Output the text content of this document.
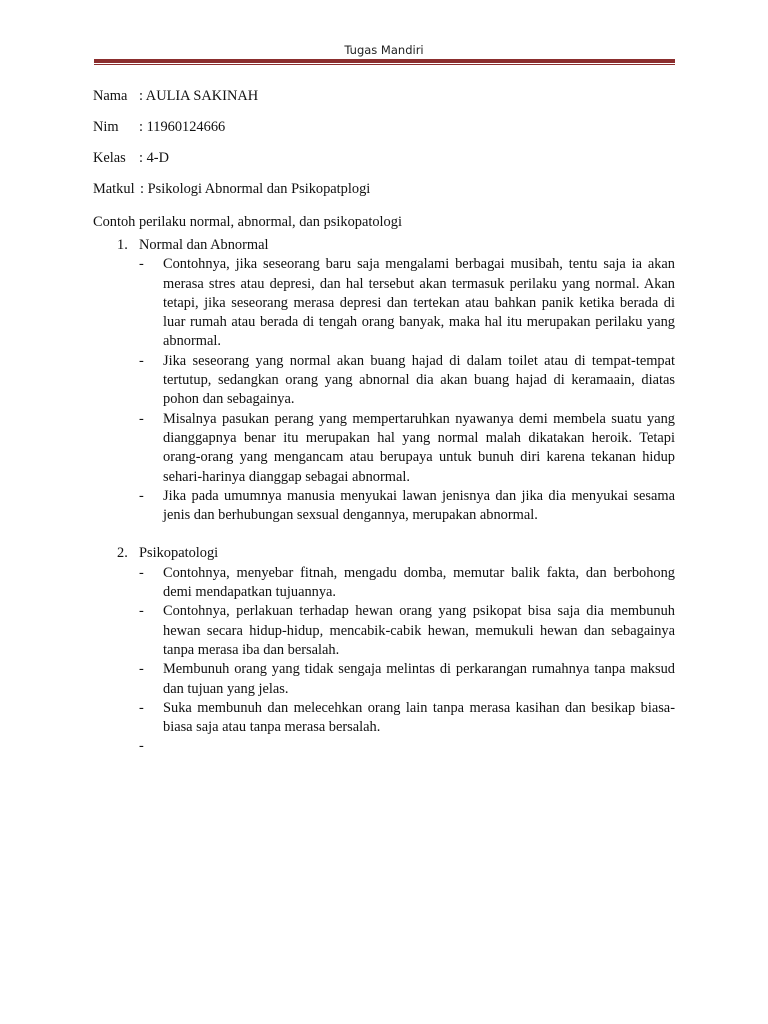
Tugas Mandiri
Nama : AULIA SAKINAH
Nim	: 11960124666
Kelas : 4-D
Matkul : Psikologi Abnormal dan Psikopatplogi
Contoh perilaku normal, abnormal, dan psikopatologi
1. Normal dan Abnormal
-	Contohnya, jika seseorang baru saja mengalami berbagai musibah, tentu saja ia akan merasa stres atau depresi, dan hal tersebut akan termasuk perilaku yang normal. Akan tetapi, jika seseorang merasa depresi dan tertekan atau bahkan panik ketika berada di luar rumah atau berada di tengah orang banyak, maka hal itu merupakan perilaku yang abnormal.
-	Jika seseorang yang normal akan buang hajad di dalam toilet atau di tempat-tempat tertutup, sedangkan orang yang abnornal dia akan buang hajad di keramaain, diatas pohon dan sebagainya.
-	Misalnya pasukan perang yang mempertaruhkan nyawanya demi membela suatu yang dianggapnya benar itu merupakan hal yang normal malah dikatakan heroik. Tetapi orang-orang yang mengancam atau berupaya untuk bunuh diri karena tekanan hidup sehari-harinya dianggap sebagai abnormal.
-	Jika pada umumnya manusia menyukai lawan jenisnya dan jika dia menyukai sesama jenis dan berhubungan sexsual dengannya, merupakan abnormal.
2. Psikopatologi
-	Contohnya, menyebar fitnah, mengadu domba, memutar balik fakta, dan berbohong demi mendapatkan tujuannya.
-	Contohnya, perlakuan terhadap hewan orang yang psikopat bisa saja dia membunuh hewan secara hidup-hidup, mencabik-cabik hewan, memukuli hewan dan sebagainya tanpa merasa iba dan bersalah.
-	Membunuh orang yang tidak sengaja melintas di perkarangan rumahnya tanpa maksud dan tujuan yang jelas.
-	Suka membunuh dan melecehkan orang lain tanpa merasa kasihan dan besikap biasa-biasa saja atau tanpa merasa bersalah.
-
